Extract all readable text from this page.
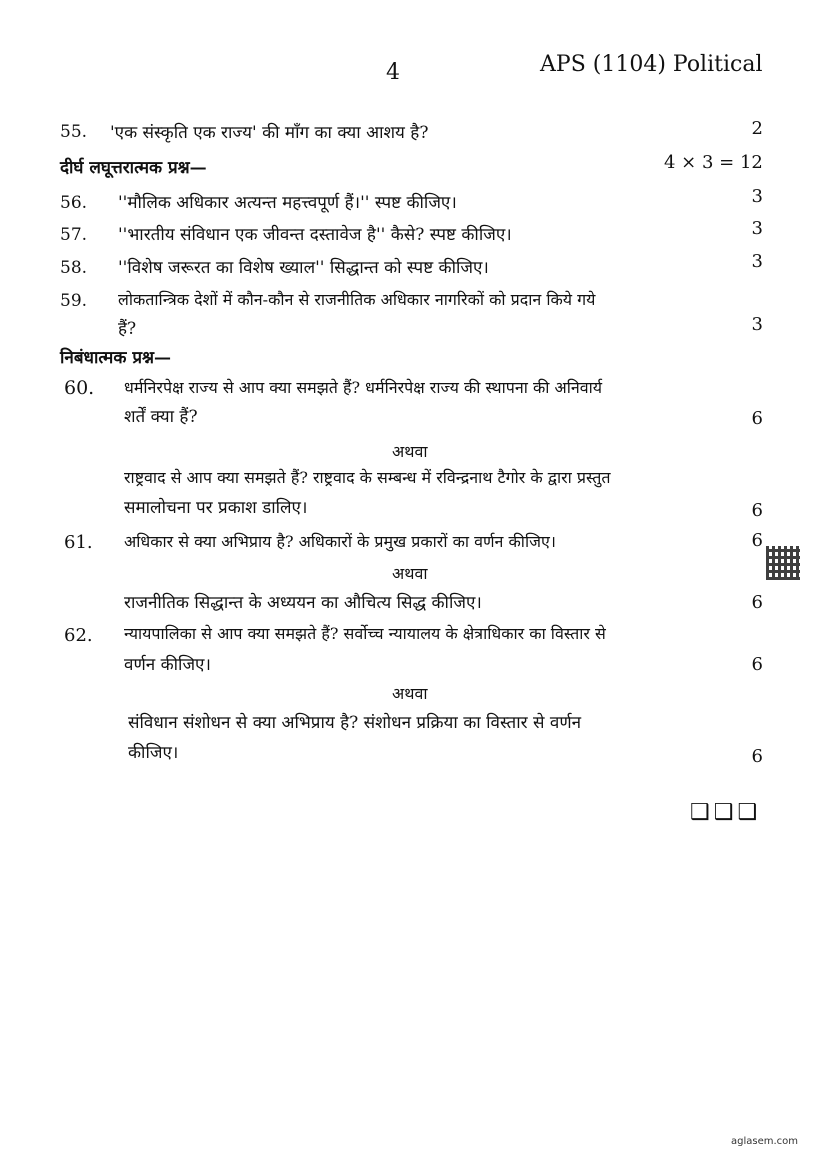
4	APS (1104) Political
55. 'एक संस्कृति एक राज्य' की माँग का क्या आशय है?	2
दीर्घ लघूत्तरात्मक प्रश्न—	4 × 3 = 12
56. ''मौलिक अधिकार अत्यन्त महत्त्वपूर्ण हैं।'' स्पष्ट कीजिए।	3
57. ''भारतीय संविधान एक जीवन्त दस्तावेज है'' कैसे? स्पष्ट कीजिए।	3
58. ''विशेष जरूरत का विशेष ख्याल'' सिद्धान्त को स्पष्ट कीजिए।	3
59. लोकतान्त्रिक देशों में कौन-कौन से राजनीतिक अधिकार नागरिकों को प्रदान किये गये
हैं?	3
निबंधात्मक प्रश्न—
60. धर्मनिरपेक्ष राज्य से आप क्या समझते हैं? धर्मनिरपेक्ष राज्य की स्थापना की अनिवार्य
शर्तें क्या हैं?	6
अथवा
राष्ट्रवाद से आप क्या समझते हैं? राष्ट्रवाद के सम्बन्ध में रविन्द्रनाथ टैगोर के द्वारा प्रस्तुत
समालोचना पर प्रकाश डालिए।	6
61. अधिकार से क्या अभिप्राय है? अधिकारों के प्रमुख प्रकारों का वर्णन कीजिए।	6
अथवा
राजनीतिक सिद्धान्त के अध्ययन का औचित्य सिद्ध कीजिए।	6
62. न्यायपालिका से आप क्या समझते हैं? सर्वोच्च न्यायालय के क्षेत्राधिकार का विस्तार से
वर्णन कीजिए।	6
अथवा
संविधान संशोधन से क्या अभिप्राय है? संशोधन प्रक्रिया का विस्तार से वर्णन
कीजिए।	6
❑❑❑
aglasem.com
